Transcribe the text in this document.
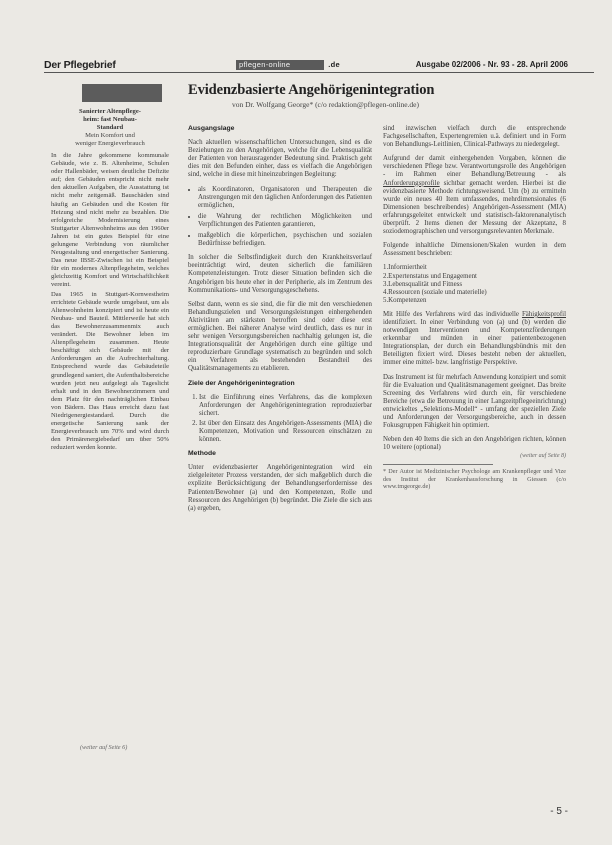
Der Pflegebrief	pflegen-online	.de	Ausgabe 02/2006 - Nr. 93 - 28. April 2006
Sanierter Altenpflege-
heim: fast Neubau-
Standard
Mein Komfort und
weniger Energieverbrauch

In die Jahre gekommene kommunale Gebäude, wie z. B. Altenheime, Schulen oder Hallenbäder, weisen deutliche Defizite auf; den Gebäuden entspricht nicht mehr den aktuellen Aufgaben, die Ausstattung ist nicht mehr zeitgemäß. Bauschäden sind häufig an Gebäuden und die Kosten für Heizung sind nicht mehr zu bezahlen. Die erfolgreiche Modernisierung eines Stuttgarter Altenwohnheims aus den 1960er Jahren ist ein gutes Beispiel für eine gelungene Verbindung von räumlicher Neugestaltung und energetischer Sanierung. Das neue IBSE-Zwischen ist ein Beispiel für ein modernes Altenpflegeheim, welches gleichzeitig Komfort und Wirtschaftlichkeit vereint.

Das 1965 in Stuttgart-Kornwestheim errichtete Gebäude wurde umgebaut, um als Altenwohnheim konzipiert und ist heute ein Neubau- und Bauteil. Mittlerweile hat sich das Bewohnerzusammenmix auch verändert. Die Bewohner leben im Altenpflegeheim zusammen. Heute beschäftigt sich Gebäude mit der Anforderungen an die Aufrechterhaltung. Entsprechend wurde das Gebäudeteile grundlegend saniert, die Aufenthaltsbereiche wurden jetzt neu aufgelegt als Tageslicht erhalt und in den Bewohnerzimmern und dem Platz für den nachträglichen Einbau von Bädern. Das Haus erreicht dazu fast Niedrigenergiestandard. Durch die energetische Sanierung sank der Energieverbrauch um 70% und wird durch den Primärenergiebedarf um über 50% reduziert werden konnte.

(weiter auf Seite 6)
Evidenzbasierte Angehörigenintegration
von Dr. Wolfgang George* (c/o redaktion@pflegen-online.de)
Ausgangslage

Nach aktuellen wissenschaftlichen Untersuchungen, sind es die Beziehungen zu den Angehörigen, welche für die Lebensqualität der Patienten von herausragender Bedeutung sind. Praktisch geht dies mit den Befunden einher, dass es vielfach die Angehörigen sind, welche in diese mit hineinzubringen Begleitung:

• als Koordinatoren, Organisatoren und Therapeuten die Anstrengungen mit den täglichen Anforderungen des Patienten ermöglichen,
• die Wahrung der rechtlichen Möglichkeiten und Verpflichtungen des Patienten garantieren,
• maßgeblich die körperlichen, psychischen und sozialen Bedürfnisse befriedigen.

In solcher die Selbstfindigkeit durch den Krankheitsverlauf beeinträchtigt wird, deuten sicherlich die familiären Kompetenzleistungen. Trotz dieser Situation befinden sich die Angehörigen bis heute eher in der Peripherie, als im Zentrum des Kommunikations- und Versorgungsgeschehens.

Selbst dann, wenn es sie sind, die für die mit den verschiedenen Behandlungszielen und Versorgungsleistungen einhergehenden Aktivitäten am stärksten betroffen sind oder diese erst ermöglichen. Bei näherer Analyse wird deutlich, dass es nur in sehr wenigen Versorgungsbereichen nachhaltig gelungen ist, die Integrationsqualität der Angehörigen durch eine gültige und reproduzierbare Grundlage systematisch zu begründen und solch ein Verfahren als bestehenden Bestandteil des Qualitätsmanagements zu etablieren.

Ziele der Angehörigenintegration
1. Ist die Einführung eines Verfahrens, das die komplexen Anforderungen der Angehörigenintegration reproduzierbar sichert.
2. Ist über den Einsatz des Angehörigen-Assessments (MIA) die Kompetenzen, Motivation und Ressourcen einschätzen zu können.
Methode

Unter evidenzbasierter Angehörigenintegration wird ein zielgeleiteter Prozess verstanden, der sich maßgeblich durch die explizite Berücksichtigung der Behandlungserfordernisse des Patienten/Bewohner (a) und den Kompetenzen, Rolle und Ressourcen des Angehörigen (b) begründet. Die Ziele die sich aus (a) ergeben,

sind inzwischen vielfach durch die entsprechende Fachgesellschaften, Expertengremien u.ä. definiert und in Form von Behandlungs-Leitlinien, Clinical-Pathways zu niedergelegt.

Aufgrund der damit einhergehenden Vorgaben, können die verschiedenen Pflege bzw. Verantwortungsrolle des Angehörigen - im Rahmen einer Behandlung/Betreuung - als Anforderungsprofile sichtbar gemacht werden. Hierbei ist die evidenzbasierte Methode richtungsweisend. Um (b) zu ermitteln wurde ein neues 40 Item umfassendes, mehrdimensionales (6 Dimensionen beschreibendes) Angehörigen-Assessment (MIA) erfahrungsgeleitet entwickelt und statistisch-faktorenanalytisch überprüft. 2 Items dienen der Messung der Akzeptanz, 8 soziodemographischen und versorgungsrelevanten Merkmale.

Folgende inhaltliche Dimensionen/Skalen wurden in dem Assessment beschrieben:

1.Informiertheit
2.Expertenstatus und Engagement
3.Lebensqualität und Fitness
4.Ressourcen (soziale und materielle)
5.Kompetenzen

Mit Hilfe des Verfahrens wird das individuelle Fähigkeitsprofil identifiziert. In einer Verbindung von (a) und (b) werden die notwendigen Interventionen und Kompetenzförderungen erkennbar und münden in einer patientenbezogenen Integrationsplan, der durch ein Behandlungsbündnis mit den Beteiligten fixiert wird. Dieses besteht neben der aktuellen, immer eine mittel- bzw. langfristige Perspektive.

Das Instrument ist für mehrfach Anwendung konzipiert und somit für die Evaluation und Qualitätsmanagement geeignet. Das breite Screening des Verfahrens wird durch ein, für verschiedene Bereiche (etwa die Betreuung in einer Langzeitpflegeeinrichtung) entwickeltes „Selektions-Modell“ - umfang der speziellen Ziele und Anforderungen der Versorgungsbereiche, auch in dessen Fokusgruppen Fähigkeit hin optimiert.

Neben den 40 Items die sich an den Angehörigen richten, können 10 weitere (optional)

(weiter auf Seite 8)
* Der Autor ist Medizinischer Psychologe am Krankenpfleger und Vize des Institut der Krankenhausforschung in Giessen (c/o www.tmgeorge.de)
- 5 -
